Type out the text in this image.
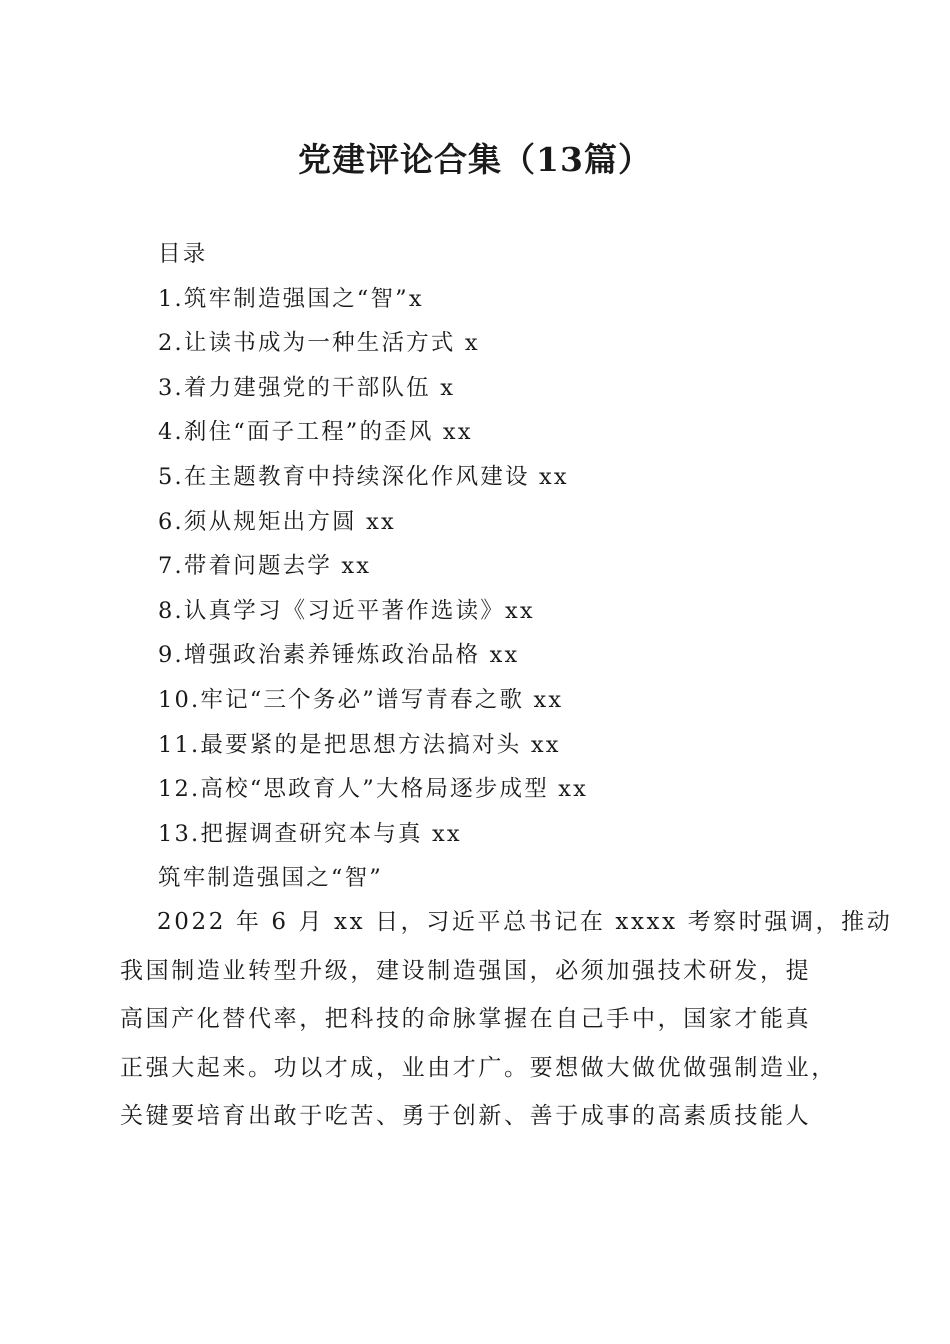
党建评论合集（13篇）
目录
1.筑牢制造强国之“智”x
2.让读书成为一种生活方式 x
3.着力建强党的干部队伍 x
4.刹住“面子工程”的歪风 xx
5.在主题教育中持续深化作风建设 xx
6.须从规矩出方圆 xx
7.带着问题去学 xx
8.认真学习《习近平著作选读》xx
9.增强政治素养锤炼政治品格 xx
10.牢记“三个务必”谱写青春之歌 xx
11.最要紧的是把思想方法搞对头 xx
12.高校“思政育人”大格局逐步成型 xx
13.把握调查研究本与真 xx
筑牢制造强国之“智”
2022 年 6 月 xx 日，习近平总书记在 xxxx 考察时强调，推动
我国制造业转型升级，建设制造强国，必须加强技术研发，提
高国产化替代率，把科技的命脉掌握在自己手中，国家才能真
正强大起来。功以才成，业由才广。要想做大做优做强制造业，
关键要培育出敢于吃苦、勇于创新、善于成事的高素质技能人
